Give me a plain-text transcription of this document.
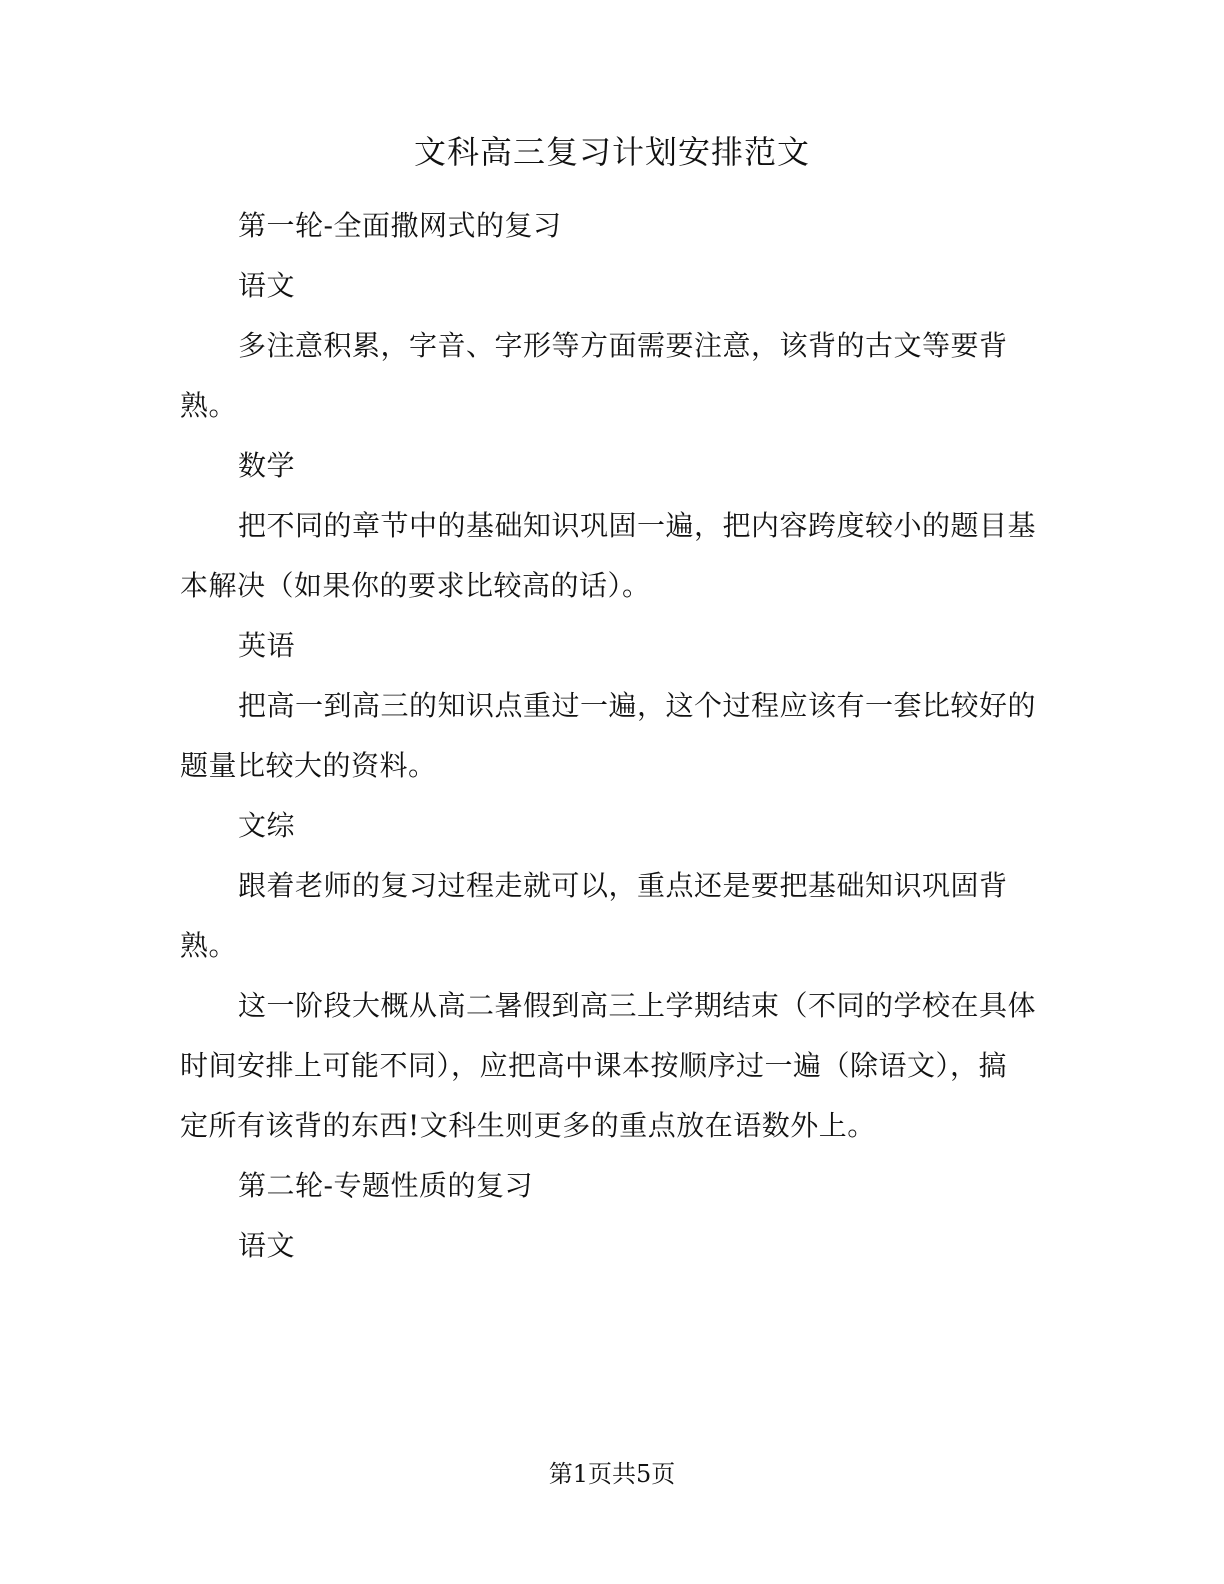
文科高三复习计划安排范文
第一轮-全面撒网式的复习
语文
多注意积累，字音、字形等方面需要注意，该背的古文等要背
熟。
数学
把不同的章节中的基础知识巩固一遍，把内容跨度较小的题目基
本解决（如果你的要求比较高的话）。
英语
把高一到高三的知识点重过一遍，这个过程应该有一套比较好的
题量比较大的资料。
文综
跟着老师的复习过程走就可以，重点还是要把基础知识巩固背
熟。
这一阶段大概从高二暑假到高三上学期结束（不同的学校在具体
时间安排上可能不同），应把高中课本按顺序过一遍（除语文），搞
定所有该背的东西!文科生则更多的重点放在语数外上。
第二轮-专题性质的复习
语文
第1页共5页
